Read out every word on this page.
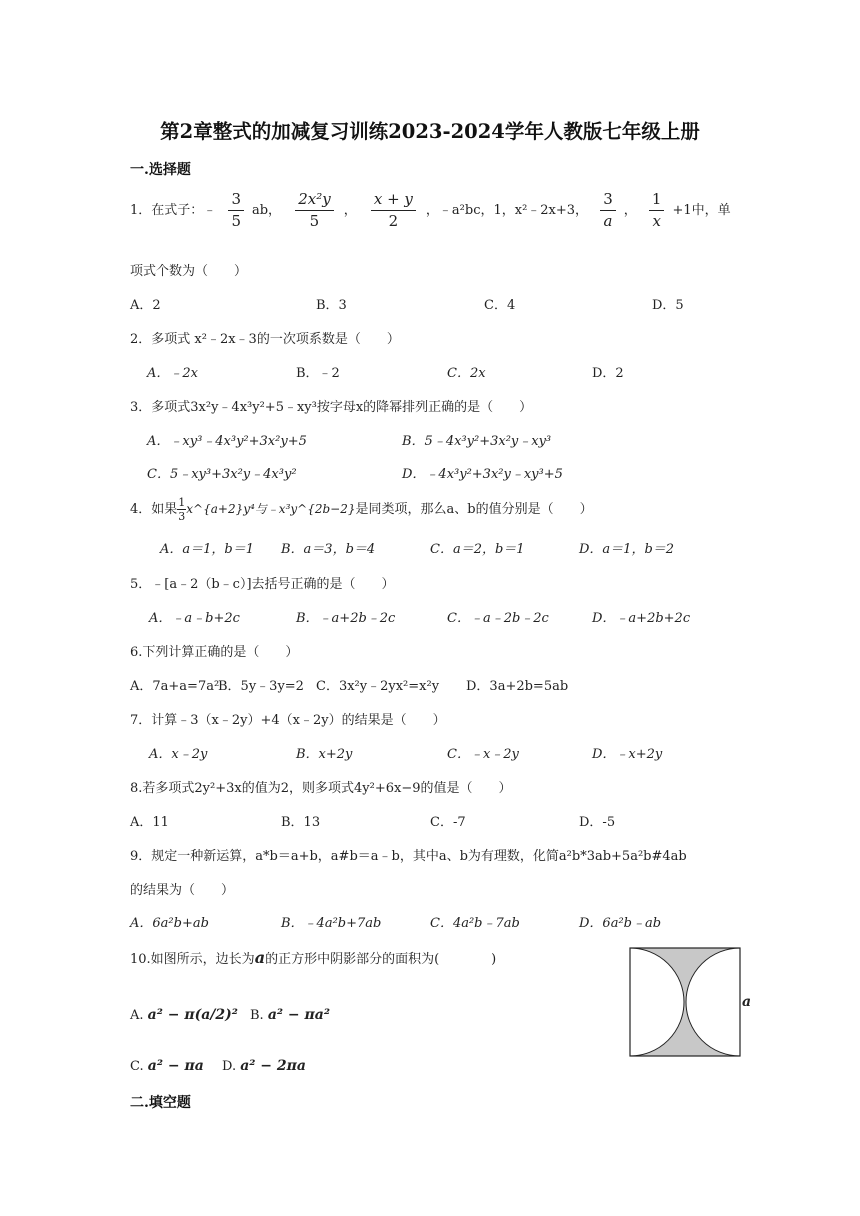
第2章整式的加减复习训练2023-2024学年人教版七年级上册
一.选择题
1．在式子：﹣ $\frac{3}{5}$ ab， $\frac{\text{2x²y}}{5}$ ， $\frac{x + y}{2}$ ，﹣a²bc，1，x²﹣2x+3， $\frac{3}{a}$ ， $\frac{1}{x} +1$中，单
项式个数为（　　）
A．2	B．3	C．4	D．5
2．多项式 x²﹣2x﹣3的一次项系数是（　　）
A．﹣2x	B．﹣2	C．2x	D．2
3．多项式3x²y﹣4x³y²+5﹣xy³按字母x的降幂排列正确的是（　　）
A．﹣xy³﹣4x³y²+3x²y+5	B．5﹣4x³y²+3x²y﹣xy³
C．5﹣xy³+3x²y﹣4x³y²	D．﹣4x³y²+3x²y﹣xy³+5
4．如果 $\frac{1}{3}$ x^{a+2}y⁴与﹣x³y^{2b−2}是同类项，那么a、b的值分别是（　　）
A．a＝1，b＝1 B．a＝3，b＝4	C．a＝2，b＝1	D．a＝1，b＝2
5．﹣[a﹣2（b﹣c）]去括号正确的是（　　）
A．﹣a﹣b+2c	B．﹣a+2b﹣2c	C．﹣a﹣2b﹣2c	D．﹣a+2b+2c
6.下列计算正确的是（　　）
A．7a+a=7a²
B．5y﹣3y=2 C．3x²y﹣2yx²=x²y D．3a+2b=5ab
7．计算﹣3（x﹣2y）+4（x﹣2y）的结果是（　　）
A．x﹣2y	B．x+2y	C．﹣x﹣2y	D．﹣x+2y
8.若多项式2y²+3x的值为2，则多项式4y²+6x−9的值是（　　）
A．11	B．13	C．-7	D．-5
9．规定一种新运算，a*b＝a+b，a#b＝a﹣b，其中a、b为有理数，化简a²b*3ab+5a²b#4ab
的结果为（　　）
A．6a²b+ab	B．﹣4a²b+7ab	C．4a²b﹣7ab	D．6a²b﹣ab
10.如图所示，边长为a的正方形中阴影部分的面积为(　　　　)
A. a² − π(a/2)² B. a² − πa²
C. a² − πa D. a² − 2πa
a
二.填空题
